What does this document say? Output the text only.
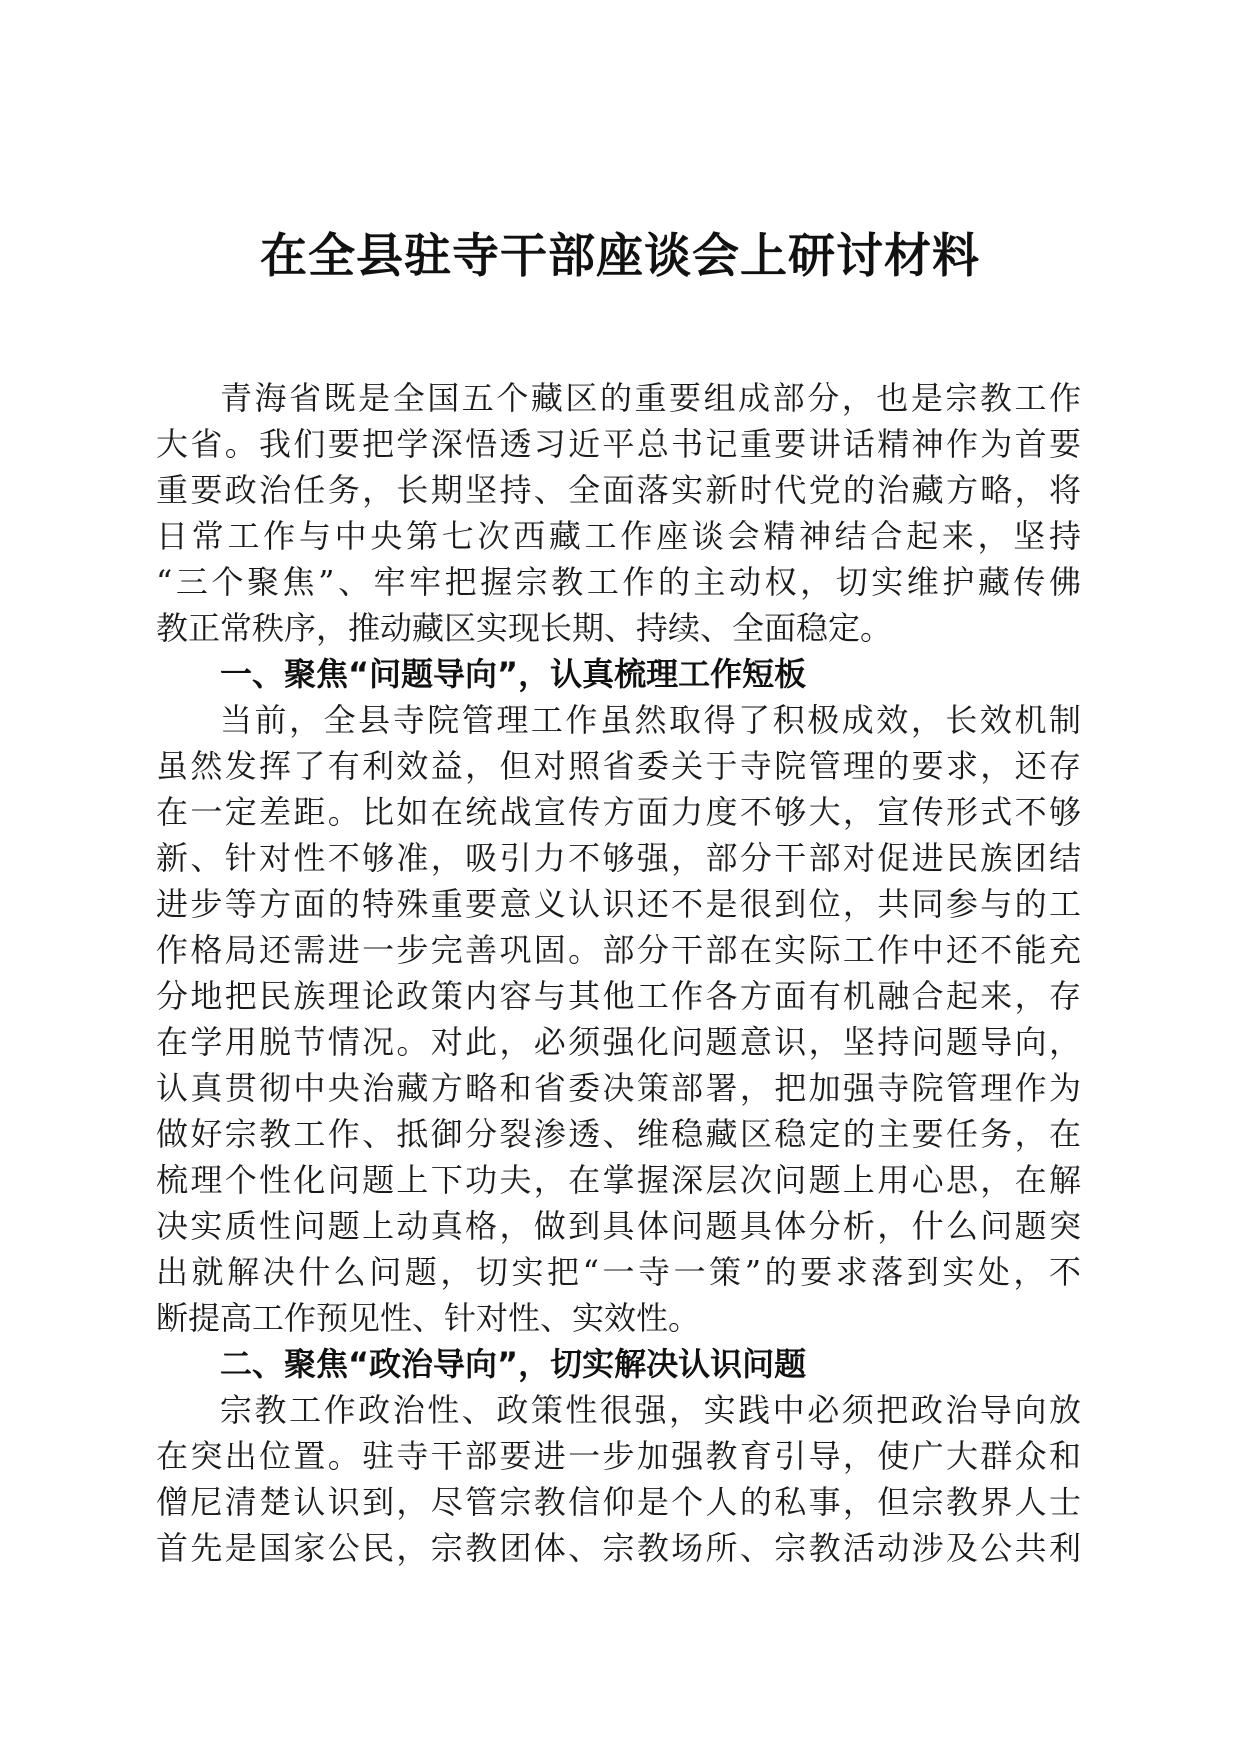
在全县驻寺干部座谈会上研讨材料
青海省既是全国五个藏区的重要组成部分，也是宗教工作
大省。我们要把学深悟透习近平总书记重要讲话精神作为首要
重要政治任务，长期坚持、全面落实新时代党的治藏方略，将
日常工作与中央第七次西藏工作座谈会精神结合起来，坚持
“三个聚焦”、牢牢把握宗教工作的主动权，切实维护藏传佛
教正常秩序，推动藏区实现长期、持续、全面稳定。
一、聚焦“问题导向”，认真梳理工作短板
当前，全县寺院管理工作虽然取得了积极成效，长效机制
虽然发挥了有利效益，但对照省委关于寺院管理的要求，还存
在一定差距。比如在统战宣传方面力度不够大，宣传形式不够
新、针对性不够准，吸引力不够强，部分干部对促进民族团结
进步等方面的特殊重要意义认识还不是很到位，共同参与的工
作格局还需进一步完善巩固。部分干部在实际工作中还不能充
分地把民族理论政策内容与其他工作各方面有机融合起来，存
在学用脱节情况。对此，必须强化问题意识，坚持问题导向，
认真贯彻中央治藏方略和省委决策部署，把加强寺院管理作为
做好宗教工作、抵御分裂渗透、维稳藏区稳定的主要任务，在
梳理个性化问题上下功夫，在掌握深层次问题上用心思，在解
决实质性问题上动真格，做到具体问题具体分析，什么问题突
出就解决什么问题，切实把“一寺一策”的要求落到实处，不
断提高工作预见性、针对性、实效性。
二、聚焦“政治导向”，切实解决认识问题
宗教工作政治性、政策性很强，实践中必须把政治导向放
在突出位置。驻寺干部要进一步加强教育引导，使广大群众和
僧尼清楚认识到，尽管宗教信仰是个人的私事，但宗教界人士
首先是国家公民，宗教团体、宗教场所、宗教活动涉及公共利
